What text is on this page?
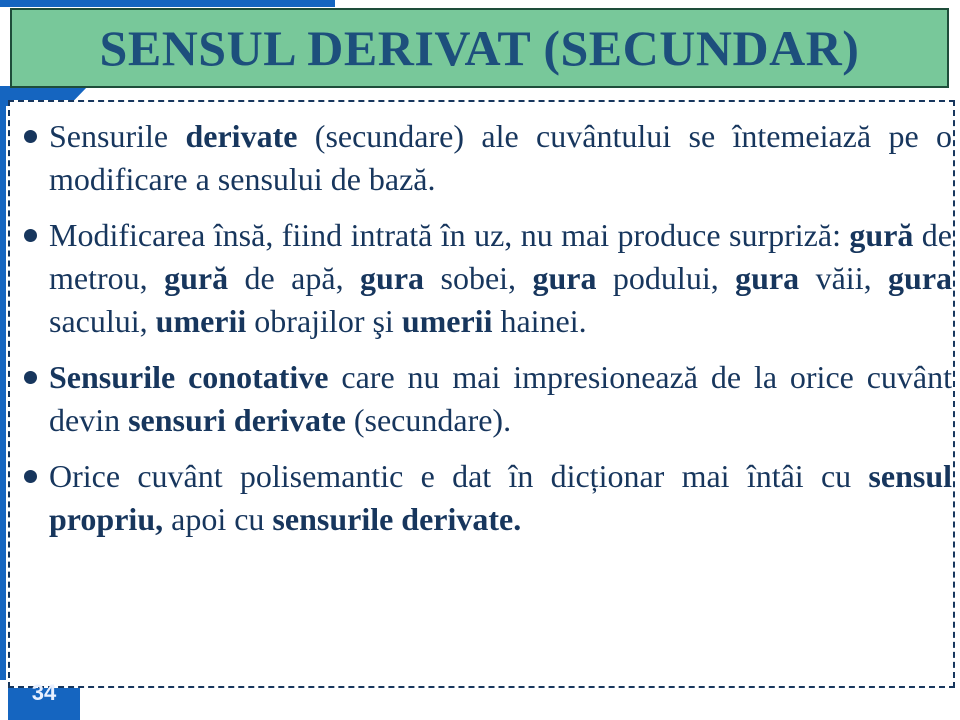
SENSUL DERIVAT (SECUNDAR)
Sensurile derivate (secundare) ale cuvântului se întemeiază pe o modificare a sensului de bază.
Modificarea însă, fiind intrată în uz, nu mai produce surpriză: gură de metrou, gură de apă, gura sobei, gura podului, gura văii, gura sacului, umerii obrajilor şi umerii hainei.
Sensurile conotative care nu mai impresionează de la orice cuvânt devin sensuri derivate (secundare).
Orice cuvânt polisemantic e dat în dicționar mai întâi cu sensul propriu, apoi cu sensurile derivate.
34
